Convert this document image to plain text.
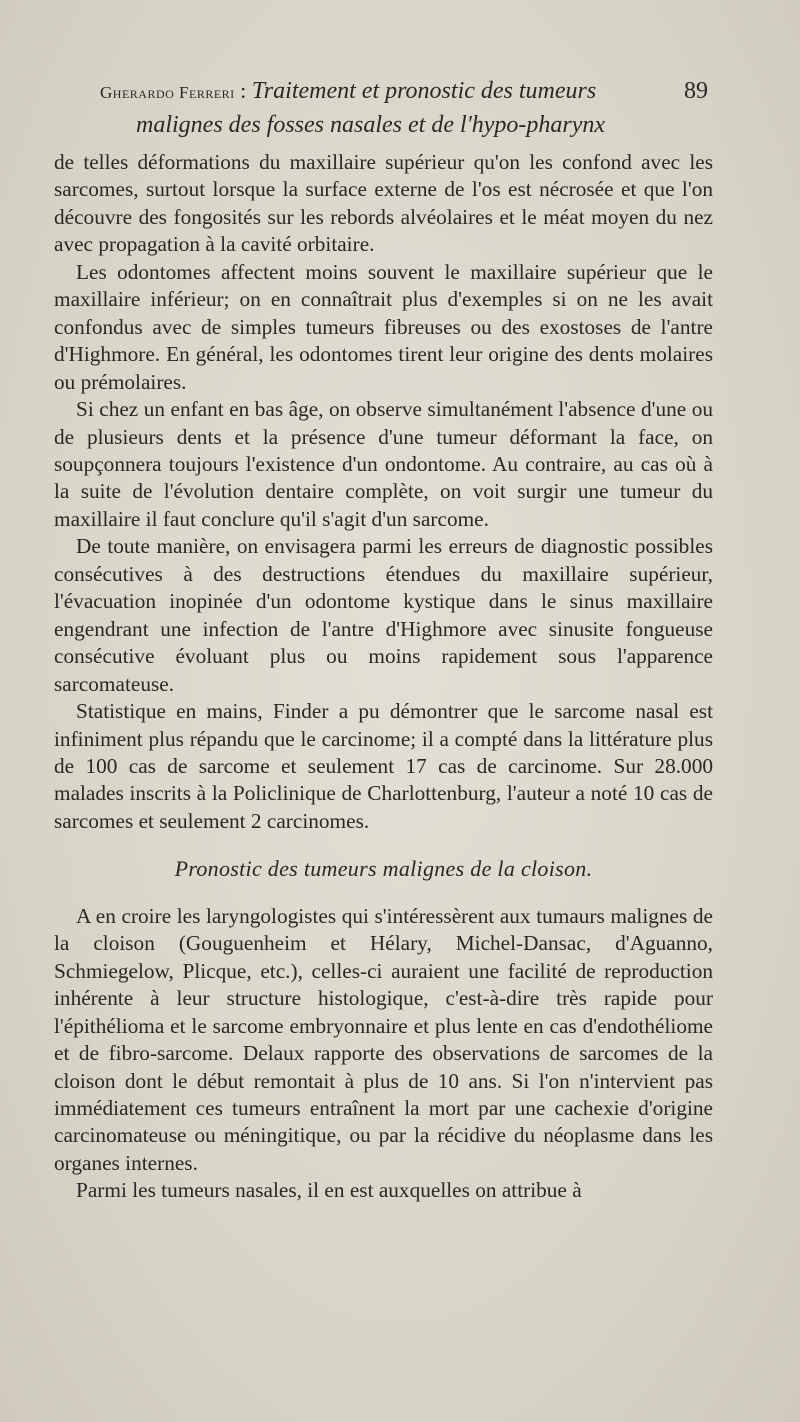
Gherardo Ferreri : Traitement et pronostic des tumeurs	89
malignes des fosses nasales et de l'hypo-pharynx

de telles déformations du maxillaire supérieur qu'on les confond avec les sarcomes, surtout lorsque la surface externe de l'os est nécrosée et que l'on découvre des fongosités sur les rebords alvéolaires et le méat moyen du nez avec propagation à la cavité orbitaire.

Les odontomes affectent moins souvent le maxillaire supérieur que le maxillaire inférieur; on en connaîtrait plus d'exemples si on ne les avait confondus avec de simples tumeurs fibreuses ou des exostoses de l'antre d'Highmore. En général, les odontomes tirent leur origine des dents molaires ou prémolaires.

Si chez un enfant en bas âge, on observe simultanément l'absence d'une ou de plusieurs dents et la présence d'une tumeur déformant la face, on soupçonnera toujours l'existence d'un ondontome. Au contraire, au cas où à la suite de l'évolution dentaire complète, on voit surgir une tumeur du maxillaire il faut conclure qu'il s'agit d'un sarcome.

De toute manière, on envisagera parmi les erreurs de diagnostic possibles consécutives à des destructions étendues du maxillaire supérieur, l'évacuation inopinée d'un odontome kystique dans le sinus maxillaire engendrant une infection de l'antre d'Highmore avec sinusite fongueuse consécutive évoluant plus ou moins rapidement sous l'apparence sarcomateuse.

Statistique en mains, Finder a pu démontrer que le sarcome nasal est infiniment plus répandu que le carcinome; il a compté dans la littérature plus de 100 cas de sarcome et seulement 17 cas de carcinome. Sur 28.000 malades inscrits à la Policlinique de Charlottenburg, l'auteur a noté 10 cas de sarcomes et seulement 2 carcinomes.

Pronostic des tumeurs malignes de la cloison.

A en croire les laryngologistes qui s'intéressèrent aux tumaurs malignes de la cloison (Gouguenheim et Hélary, Michel-Dansac, d'Aguanno, Schmiegelow, Plicque, etc.), celles-ci auraient une facilité de reproduction inhérente à leur structure histologique, c'est-à-dire très rapide pour l'épithélioma et le sarcome embryonnaire et plus lente en cas d'endothéliome et de fibro-sarcome. Delaux rapporte des observations de sarcomes de la cloison dont le début remontait à plus de 10 ans. Si l'on n'intervient pas immédiatement ces tumeurs entraînent la mort par une cachexie d'origine carcinomateuse ou méningitique, ou par la récidive du néoplasme dans les organes internes.

Parmi les tumeurs nasales, il en est auxquelles on attribue à
